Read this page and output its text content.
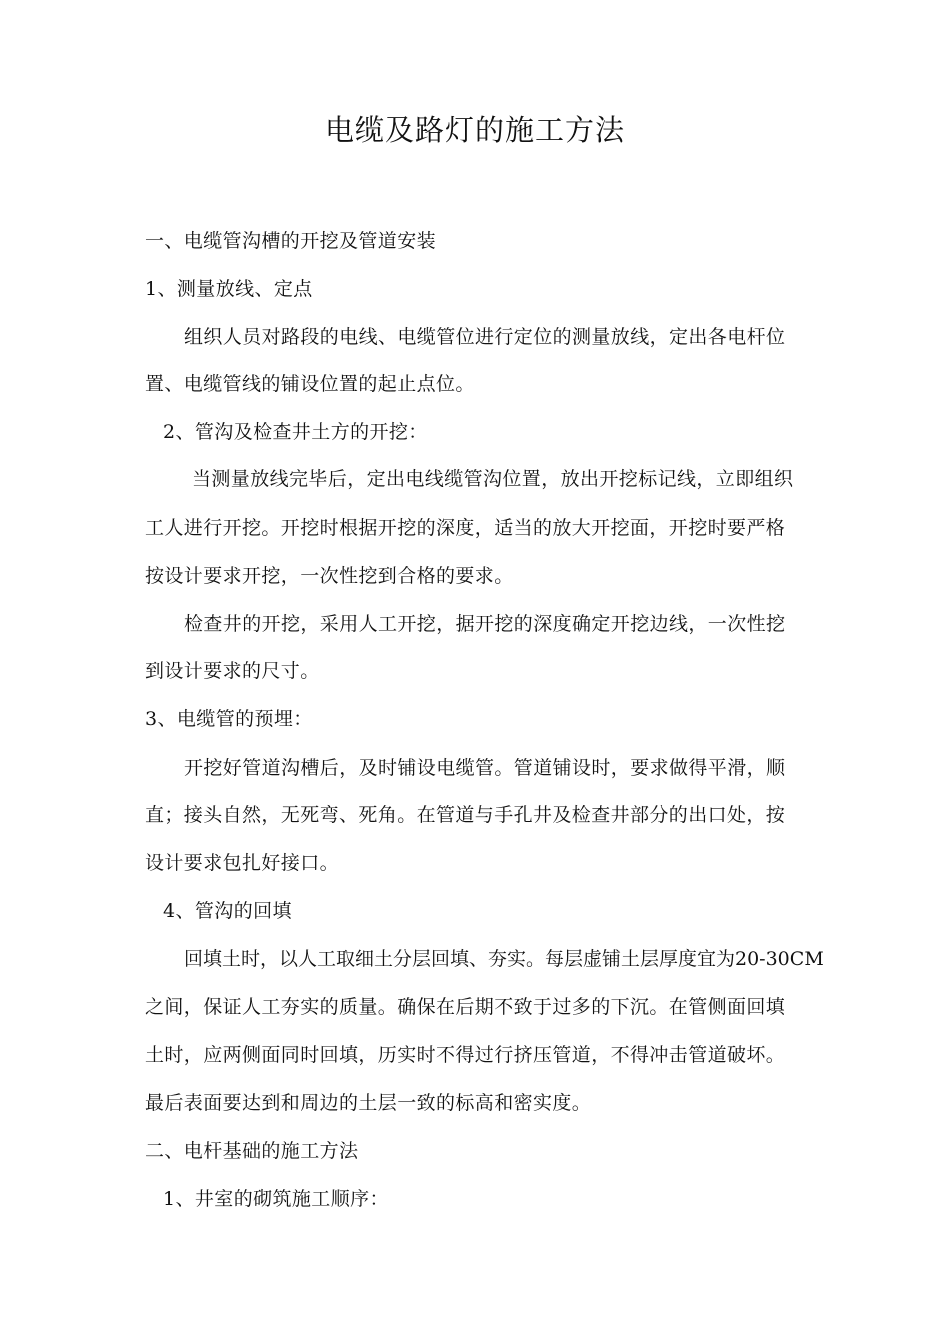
电缆及路灯的施工方法
一、电缆管沟槽的开挖及管道安装
1、测量放线、定点
组织人员对路段的电线、电缆管位进行定位的测量放线，定出各电杆位
置、电缆管线的铺设位置的起止点位。
2、管沟及检查井土方的开挖：
当测量放线完毕后，定出电线缆管沟位置，放出开挖标记线，立即组织
工人进行开挖。开挖时根据开挖的深度，适当的放大开挖面，开挖时要严格
按设计要求开挖，一次性挖到合格的要求。
检查井的开挖，采用人工开挖，据开挖的深度确定开挖边线，一次性挖
到设计要求的尺寸。
3、电缆管的预埋：
开挖好管道沟槽后，及时铺设电缆管。管道铺设时，要求做得平滑，顺
直；接头自然，无死弯、死角。在管道与手孔井及检查井部分的出口处，按
设计要求包扎好接口。
4、管沟的回填
回填土时，以人工取细土分层回填、夯实。每层虚铺土层厚度宜为20-30CM
之间，保证人工夯实的质量。确保在后期不致于过多的下沉。在管侧面回填
土时，应两侧面同时回填，历实时不得过行挤压管道，不得冲击管道破坏。
最后表面要达到和周边的土层一致的标高和密实度。
二、电杆基础的施工方法
1、井室的砌筑施工顺序：
